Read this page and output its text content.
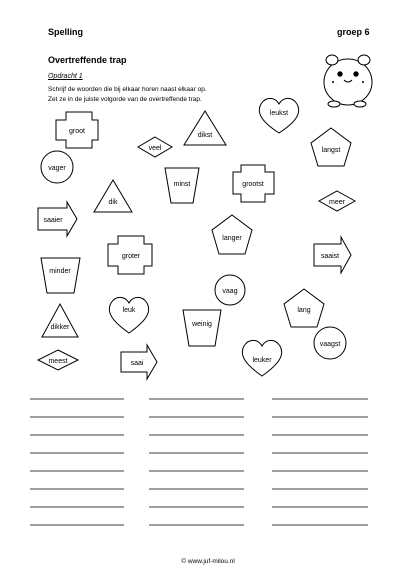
Spelling	groep 6
Overtreffende trap
Opdracht 1
Schrijf de woorden die bij elkaar horen naast elkaar op.
Zet ze in de juiste volgorde van de overtreffende trap.
groot
dikst
leukst
veel	langst
vager
minst	grootst
dik	meer
saaier
langer
groter	saaist
minder
vaag
leuk	lang
dikker	weinig
vaagst
meest	saai	leuker
© www.juf-milou.nl
